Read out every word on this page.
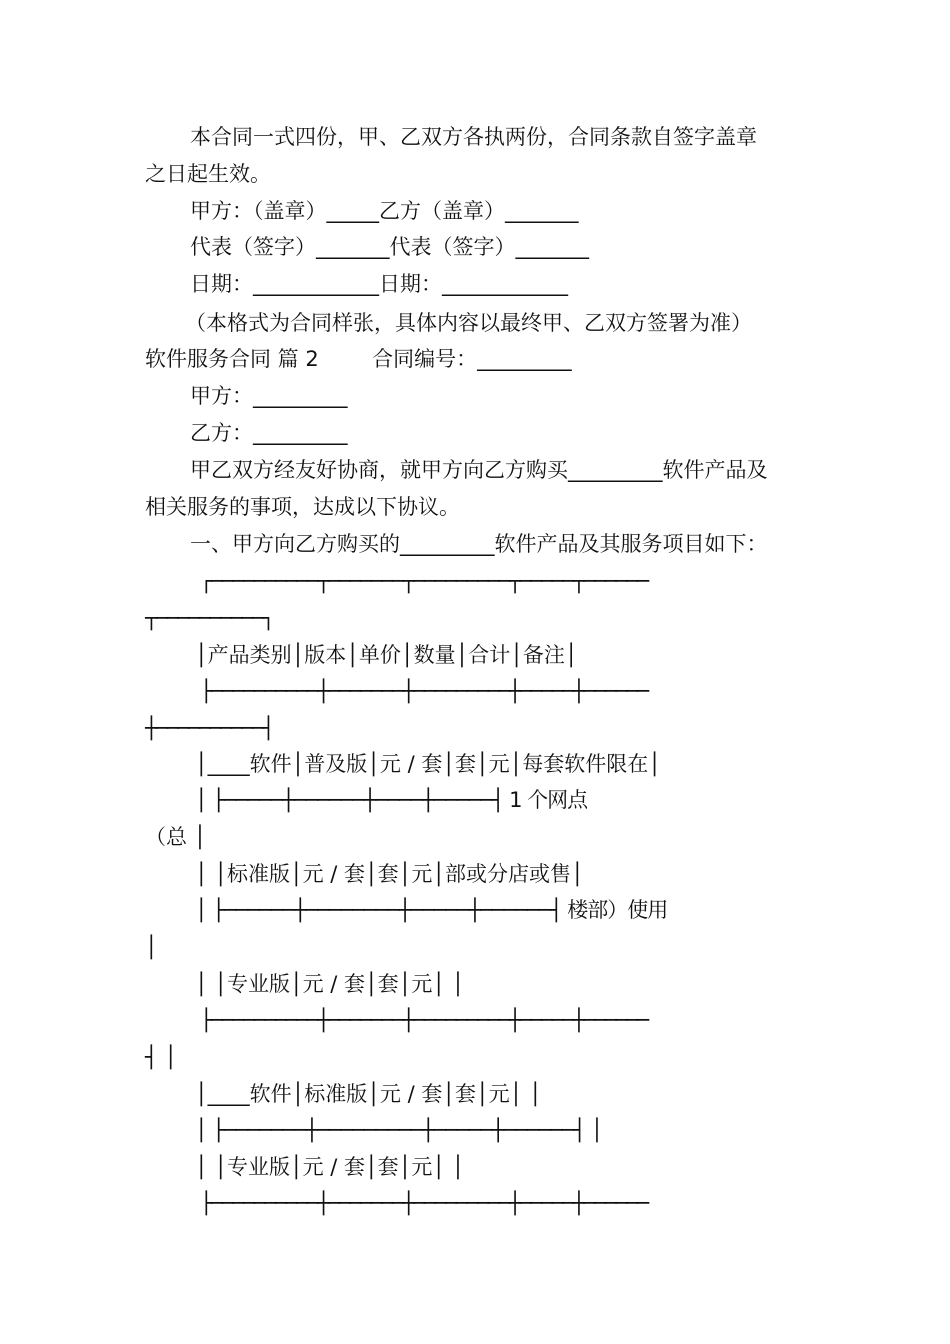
本合同一式四份，甲、乙双方各执两份，合同条款自签字盖章
之日起生效。
甲方：（盖章）_____乙方（盖章）_______
代表（签字）_______代表（签字）_______
日期：____________日期：____________
（本格式为合同样张，具体内容以最终甲、乙双方签署为准）
软件服务合同 篇 2        合同编号：_________
甲方：_________
乙方：_________
甲乙双方经友好协商，就甲方向乙方购买_________软件产品及
相关服务的事项，达成以下协议。
一、甲方向乙方购买的_________软件产品及其服务项目如下：
┌──────────┬───────┬─────────┬─────┬──────
┬──────────┐
│产品类别│版本│单价│数量│合计│备注│
├──────────┼───────┼─────────┼─────┼──────
┼──────────┤
│____软件│普及版│元 / 套│套│元│每套软件限在│
│ ├─────┼──────┼────┼─────┤ 1 个网点
（总 │
│ │标准版│元 / 套│套│元│部或分店或售│
│ ├──────┼────────┼─────┼──────┤ 楼部）使用
│
│ │专业版│元 / 套│套│元│ │
├──────────┼───────┼─────────┼─────┼──────
┤ │
│____软件│标准版│元 / 套│套│元│ │
│ ├───────┼─────────┼─────┼──────┤ │
│ │专业版│元 / 套│套│元│ │
├──────────┼───────┼─────────┼─────┼──────
